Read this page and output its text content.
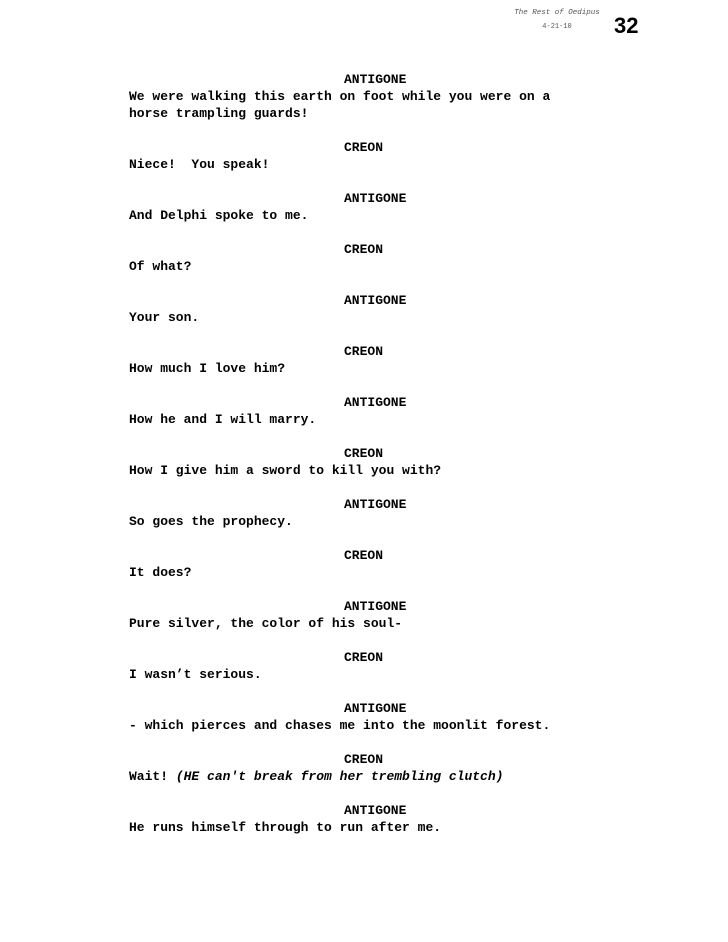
The Rest of Oedipus
4-21-10	32
ANTIGONE
We were walking this earth on foot while you were on a
horse trampling guards!
CREON
Niece!  You speak!
ANTIGONE
And Delphi spoke to me.
CREON
Of what?
ANTIGONE
Your son.
CREON
How much I love him?
ANTIGONE
How he and I will marry.
CREON
How I give him a sword to kill you with?
ANTIGONE
So goes the prophecy.
CREON
It does?
ANTIGONE
Pure silver, the color of his soul-
CREON
I wasn’t serious.
ANTIGONE
- which pierces and chases me into the moonlit forest.
CREON
Wait! (HE can't break from her trembling clutch)
ANTIGONE
He runs himself through to run after me.
